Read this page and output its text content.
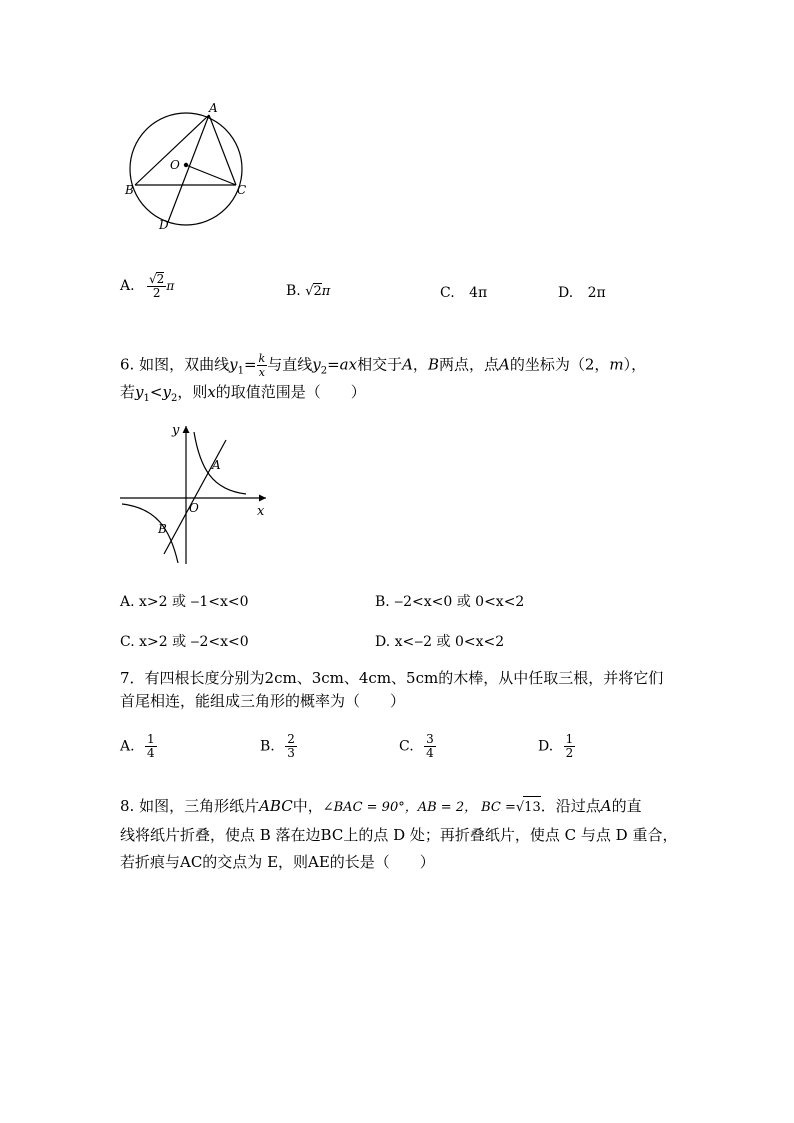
A
O
B	C
D
A. $\frac{√2}{2}$ π	B. √2π	C. 4π	D. 2π
6. 如图，双曲线$y_1= \frac{k}{x}$ 与直线$y_2=ax$相交于A，B两点，点A的坐标为（2，m），
若$y_1<y_2$，则x的取值范围是（　　）
y
A
O	x
B
A. x>2 或 ‒1<x<0	B. ‒2<x<0 或 0<x<2
C. x>2 或 ‒2<x<0	D. x<‒2 或 0<x<2
7．有四根长度分别为2cm、3cm、4cm、5cm的木棒，从中任取三根，并将它们
首尾相连，能组成三角形的概率为（　　）
A. $\frac{1}{4}$	B. $\frac{2}{3}$	C. $\frac{3}{4}$	D. $\frac{1}{2}$
8. 如图，三角形纸片ABC中，∠BAC = 90°，AB = 2， BC =√13．沿过点A的直
线将纸片折叠，使点 B 落在边BC上的点 D 处；再折叠纸片，使点 C 与点 D 重合，
若折痕与AC的交点为 E，则AE的长是（　　）
